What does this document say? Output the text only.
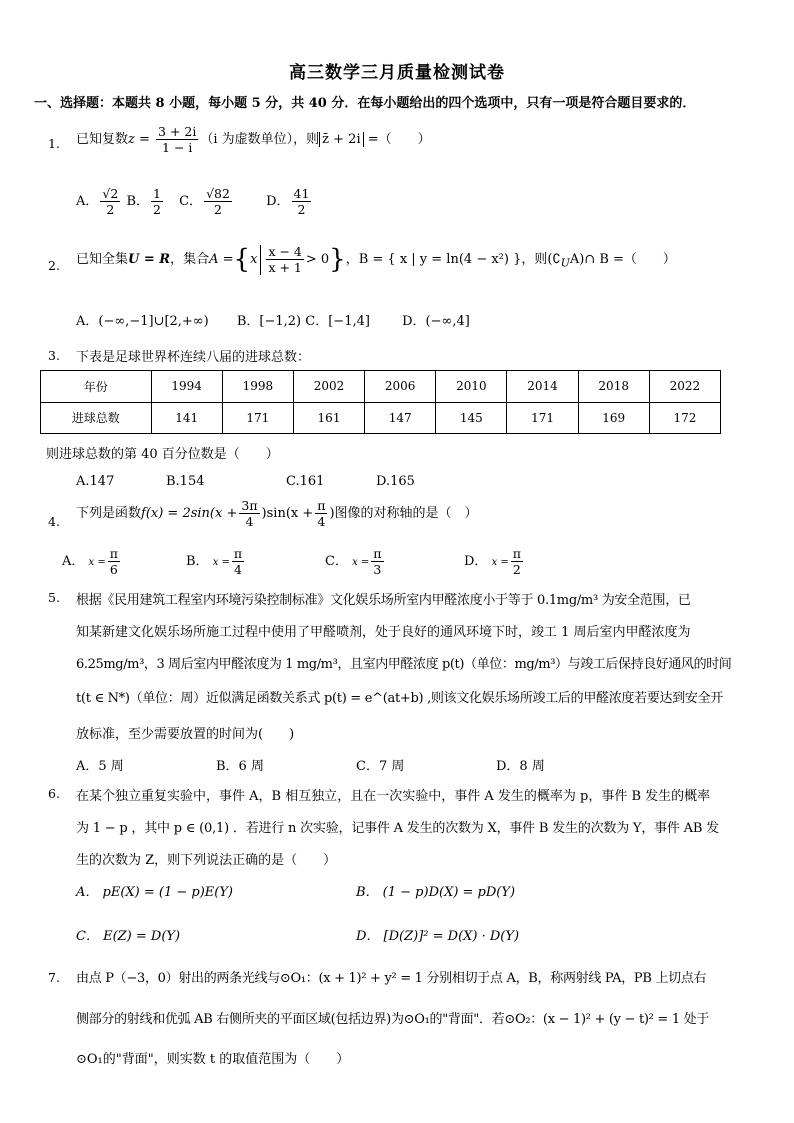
高三数学三月质量检测试卷
一、选择题：本题共 8 小题，每小题 5 分，共 40 分．在每小题给出的四个选项中，只有一项是符合题目要求的．
1. 已知复数$z = \frac{3 + 2i}{1 - i} (i$ 为虚数单位），则 z̄ + 2i =（　　）
A． $\frac{√2}{2}$ B． $\frac{1}{2}$ C． $\frac{√82}{2}$	D． $\frac{41}{2}$
2. 已知全集U = R，集合$A =\{x \frac{x - 4}{x + 1} > 0\}$，B = { x | y = ln(4 − x²) }，则$(∁_UA)\cap$ B =（　　）
A．(−∞,−1]∪[2,+∞) B．[−1,2) C．[−1,4] D．(−∞,4]
3. 下表是足球世界杯连续八届的进球总数：
年份	1994	1998	2002	2006	2010	2014	2018	2022
进球总数	141	171	161	147	145	171	169	172
则进球总数的第 40 百分位数是（　　）
A.147	B.154	C.161	D.165
4.
下列是函数$f(x) = 2\sin(x + \frac{3\pi}{4} )\sin(x + \frac{\pi}{4}$ )图像的对称轴的是（　）
A． $x = \frac{\pi}{6}$	B． $x = \frac{\pi}{4}$	C． $x = \frac{\pi}{3}$	D． $x = \frac{\pi}{2}$
5. 根据《民用建筑工程室内环境污染控制标准》文化娱乐场所室内甲醛浓度小于等于 0.1mg/m³ 为安全范围，已
知某新建文化娱乐场所施工过程中使用了甲醛喷剂，处于良好的通风环境下时，竣工 1 周后室内甲醛浓度为
6.25mg/m³，3 周后室内甲醛浓度为 1 mg/m³，且室内甲醛浓度 p(t)（单位：mg/m³）与竣工后保持良好通风的时间
t(t ∈ N*)（单位：周）近似满足函数关系式 p(t) = e^(at+b) ,则该文化娱乐场所竣工后的甲醛浓度若要达到安全开
放标准，至少需要放置的时间为(　　)
A．5 周	B．6 周	C．7 周	D．8 周
6. 在某个独立重复实验中，事件 A，B 相互独立，且在一次实验中，事件 A 发生的概率为 p，事件 B 发生的概率
为 1 − p ，其中 p ∈ (0,1) ．若进行 n 次实验，记事件 A 发生的次数为 X，事件 B 发生的次数为 Y，事件 AB 发
生的次数为 Z，则下列说法正确的是（　　）
A． pE(X) = (1 − p)E(Y)	B． (1 − p)D(X) = pD(Y)
C． E(Z) = D(Y)	D． [D(Z)]² = D(X) · D(Y)
7. 由点 P（−3，0）射出的两条光线与⊙O₁：(x + 1)² + y² = 1 分别相切于点 A，B，称两射线 PA，PB 上切点右
侧部分的射线和优弧 AB 右侧所夹的平面区域(包括边界)为⊙O₁的"背面"．若⊙O₂：(x − 1)² + (y − t)² = 1 处于
⊙O₁的"背面"，则实数 t 的取值范围为（　　）
